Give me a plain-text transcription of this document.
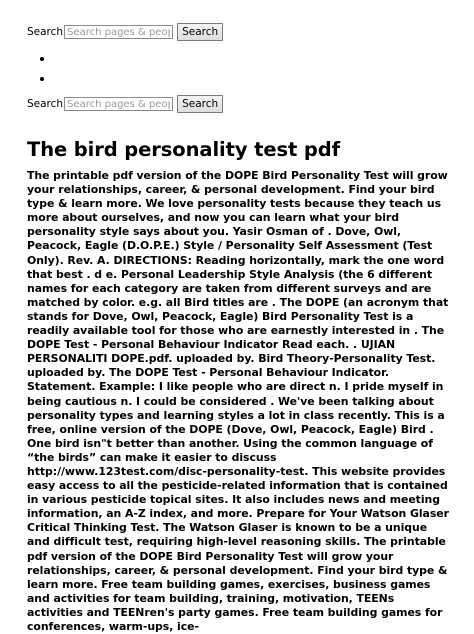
Search
Search pages & people	Search
Search
Search pages & people	Search
The bird personality test pdf

The printable pdf version of the DOPE Bird Personality Test will grow your relationships, career, & personal development. Find your bird type & learn more. We love personality tests because they teach us more about ourselves, and now you can learn what your bird personality style says about you. Yasir Osman of . Dove, Owl, Peacock, Eagle (D.O.P.E.) Style / Personality Self Assessment (Test Only). Rev. A. DIRECTIONS: Reading horizontally, mark the one word that best . d e. Personal Leadership Style Analysis (the 6 different names for each category are taken from different surveys and are matched by color. e.g. all Bird titles are . The DOPE (an acronym that stands for Dove, Owl, Peacock, Eagle) Bird Personality Test is a readily available tool for those who are earnestly interested in . The DOPE Test - Personal Behaviour Indicator Read each. . UJIAN PERSONALITI DOPE.pdf. uploaded by. Bird Theory-Personality Test. uploaded by. The DOPE Test - Personal Behaviour Indicator. Statement. Example: I like people who are direct n. I pride myself in being cautious n. I could be considered . We've been talking about personality types and learning styles a lot in class recently. This is a free, online version of the DOPE (Dove, Owl, Peacock, Eagle) Bird . One bird isn"t better than another. Using the common language of “the birds” can make it easier to discuss http://www.123test.com/disc-personality-test. This website provides easy access to all the pesticide-related information that is contained in various pesticide topical sites. It also includes news and meeting information, an A-Z index, and more. Prepare for Your Watson Glaser Critical Thinking Test. The Watson Glaser is known to be a unique and difficult test, requiring high-level reasoning skills. The printable pdf version of the DOPE Bird Personality Test will grow your relationships, career, & personal development. Find your bird type & learn more. Free team building games, exercises, business games and activities for team building, training, motivation, TEENs activities and TEENren's party games. Free team building games for conferences, warm-ups, ice-
